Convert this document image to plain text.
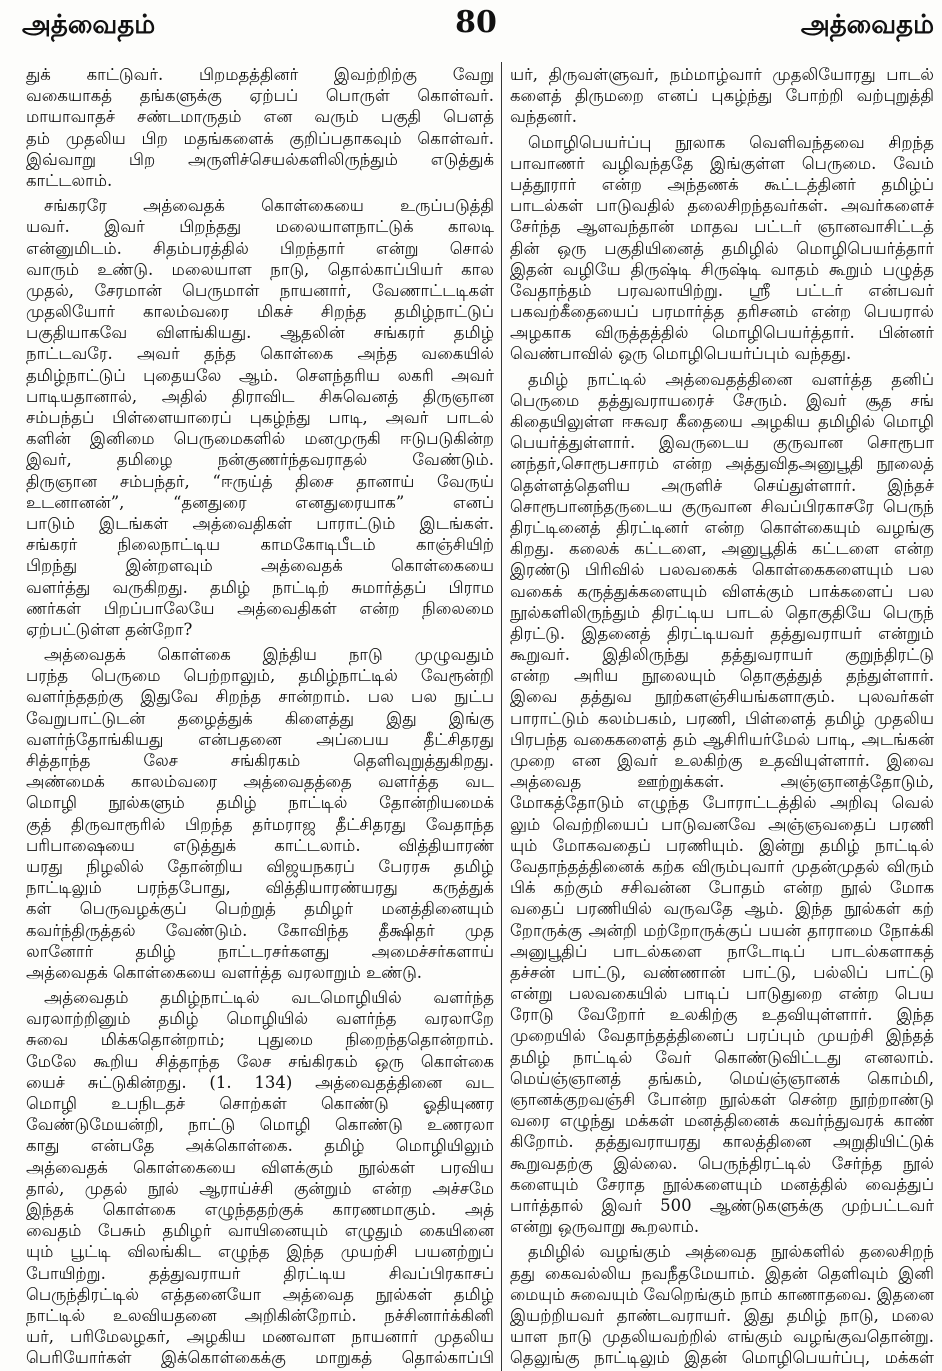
அத்வைதம்	80	அத்வைதம்
துக் காட்டுவர். பிறமதத்தினர் இவற்றிற்கு வேறு
வகையாகத் தங்களுக்கு ஏற்பப் பொருள் கொள்வர்.
மாயாவாதச் சண்டமாருதம் என வரும் பகுதி பௌத்
தம் முதலிய பிற மதங்களைக் குறிப்பதாகவும் கொள்வர்.
இவ்வாறு பிற அருளிச்செயல்களிலிருந்தும் எடுத்துக்
காட்டலாம்.
சங்கரரே அத்வைதக் கொள்கையை உருப்படுத்தி
யவர். இவர் பிறந்தது மலையாளநாட்டுக் காலடி
என்னுமிடம். சிதம்பரத்தில் பிறந்தார் என்று சொல்
வாரும் உண்டு. மலையாள நாடு, தொல்காப்பியர் கால
முதல், சேரமான் பெருமாள் நாயனார், வேணாட்டடிகள்
முதலியோர் காலம்வரை மிகச் சிறந்த தமிழ்நாட்டுப்
பகுதியாகவே விளங்கியது. ஆதலின் சங்கரர் தமிழ்
நாட்டவரே. அவர் தந்த கொள்கை அந்த வகையில்
தமிழ்நாட்டுப் புதையலே ஆம். சௌந்தரிய லகரி அவர்
பாடியதானால், அதில் திராவிட சிசுவெனத் திருஞான
சம்பந்தப் பிள்ளையாரைப் புகழ்ந்து பாடி, அவர் பாடல்
களின் இனிமை பெருமைகளில் மனமுருகி ஈடுபடுகின்ற
இவர், தமிழை நன்குணர்ந்தவராதல் வேண்டும்.
திருஞான சம்பந்தர், “ஈருய்த் திசை தானாய் வேருய்
உடனானன்”, “தனதுரை எனதுரையாக” எனப்
பாடும் இடங்கள் அத்வைதிகள் பாராட்டும் இடங்கள்.
சங்கரர் நிலைநாட்டிய காமகோடிபீடம் காஞ்சியிற்
பிறந்து இன்றளவும் அத்வைதக் கொள்கையை
வளர்த்து வருகிறது. தமிழ் நாட்டிற் சுமார்த்தப் பிராம
ணர்கள் பிறப்பாலேயே அத்வைதிகள் என்ற நிலைமை
ஏற்பட்டுள்ள தன்றோ?
அத்வைதக் கொள்கை இந்திய நாடு முழுவதும்
பரந்த பெருமை பெற்றாலும், தமிழ்நாட்டில் வேரூன்றி
வளர்ந்ததற்கு இதுவே சிறந்த சான்றாம். பல பல நுட்ப
வேறுபாட்டுடன் தழைத்துக் கிளைத்து இது இங்கு
வளர்ந்தோங்கியது என்பதனை அப்பைய தீட்சிதரது
சித்தாந்த லேச சங்கிரகம் தெளிவுறுத்துகிறது.
அண்மைக் காலம்வரை அத்வைதத்தை வளர்த்த வட
மொழி நூல்களும் தமிழ் நாட்டில் தோன்றியமைக்
குத் திருவாரூரில் பிறந்த தர்மராஜ தீட்சிதரது வேதாந்த
பரிபாஷையை எடுத்துக் காட்டலாம். வித்தியாரண்
யரது நிழலில் தோன்றிய விஜயநகரப் பேரரசு தமிழ்
நாட்டிலும் பரந்தபோது, வித்தியாரண்யரது கருத்துக்
கள் பெருவழக்குப் பெற்றுத் தமிழர் மனத்தினையும்
கவர்ந்திருத்தல் வேண்டும். கோவிந்த தீக்ஷிதர் முத
லானோர் தமிழ் நாட்டரசர்களது அமைச்சர்களாய்
அத்வைதக் கொள்கையை வளர்த்த வரலாறும் உண்டு.
அத்வைதம் தமிழ்நாட்டில் வடமொழியில் வளர்ந்த
வரலாற்றினும் தமிழ் மொழியில் வளர்ந்த வரலாறே
சுவை மிக்கதொன்றாம்; புதுமை நிறைந்ததொன்றாம்.
மேலே கூறிய சித்தாந்த லேச சங்கிரகம் ஒரு கொள்கை
யைச் சுட்டுகின்றது. (1. 134) அத்வைதத்தினை வட
மொழி உபநிடதச் சொற்கள் கொண்டு ஓதியுணர
வேண்டுமேயன்றி, நாட்டு மொழி கொண்டு உணரலா
காது என்பதே அக்கொள்கை. தமிழ் மொழியிலும்
அத்வைதக் கொள்கையை விளக்கும் நூல்கள் பரவிய
தால், முதல் நூல் ஆராய்ச்சி குன்றும் என்ற அச்சமே
இந்தக் கொள்கை எழுந்ததற்குக் காரணமாகும். அத்
வைதம் பேசும் தமிழர் வாயினையும் எழுதும் கையினை
யும் பூட்டி விலங்கிட எழுந்த இந்த முயற்சி பயனற்றுப்
போயிற்று. தத்துவராயர் திரட்டிய சிவப்பிரகாசப்
பெருந்திரட்டில் எத்தனையோ அத்வைத நூல்கள் தமிழ்
நாட்டில் உலவியதனை அறிகின்றோம். நச்சினார்க்கினி
யர், பரிமேலழகர், அழகிய மணவாள நாயனார் முதலிய
பெரியோர்கள் இக்கொள்கைக்கு மாறுகத் தொல்காப்பி
யர், திருவள்ளுவர், நம்மாழ்வார் முதலியோரது பாடல்
களைத் திருமறை எனப் புகழ்ந்து போற்றி வற்புறுத்தி
வந்தனர்.
மொழிபெயர்ப்பு நூலாக வெளிவந்தவை சிறந்த
பாவாணர் வழிவந்ததே இங்குள்ள பெருமை. வேம்
பத்தூரார் என்ற அந்தணக் கூட்டத்தினர் தமிழ்ப்
பாடல்கள் பாடுவதில் தலைசிறந்தவர்கள். அவர்களைச்
சேர்ந்த ஆளவந்தான் மாதவ பட்டர் ஞானவாசிட்டத்
தின் ஒரு பகுதியினைத் தமிழில் மொழிபெயர்த்தார்
இதன் வழியே திருஷ்டி சிருஷ்டி வாதம் கூறும் பழுத்த
வேதாந்தம் பரவலாயிற்று. ஸ்ரீ பட்டர் என்பவர்
பகவற்கீதையைப் பரமார்த்த தரிசனம் என்ற பெயரால்
அழகாக விருத்தத்தில் மொழிபெயர்த்தார். பின்னர்
வெண்பாவில் ஒரு மொழிபெயர்ப்பும் வந்தது.
தமிழ் நாட்டில் அத்வைதத்தினை வளர்த்த தனிப்
பெருமை தத்துவராயரைச் சேரும். இவர் சூத சங்
கிதையிலுள்ள ஈசுவர கீதையை அழகிய தமிழில் மொழி
பெயர்த்துள்ளார். இவருடைய குருவான சொரூபா
னந்தர்,சொரூபசாரம் என்ற அத்துவிதஅனுபூதி நூலைத்
தெள்ளத்தெளிய அருளிச் செய்துள்ளார். இந்தச்
சொரூபானந்தருடைய குருவான சிவப்பிரகாசரே பெருந்
திரட்டினைத் திரட்டினர் என்ற கொள்கையும் வழங்கு
கிறது. கலைக் கட்டளை, அனுபூதிக் கட்டளை என்ற
இரண்டு பிரிவில் பலவகைக் கொள்கைகளையும் பல
வகைக் கருத்துக்களையும் விளக்கும் பாக்களைப் பல
நூல்களிலிருந்தும் திரட்டிய பாடல் தொகுதியே பெருந்
திரட்டு. இதனைத் திரட்டியவர் தத்துவராயர் என்றும்
கூறுவர். இதிலிருந்து தத்துவராயர் குறுந்திரட்டு
என்ற அரிய நூலையும் தொகுத்துத் தந்துள்ளார்.
இவை தத்துவ நூற்களஞ்சியங்களாகும். புலவர்கள்
பாராட்டும் கலம்பகம், பரணி, பிள்ளைத் தமிழ் முதலிய
பிரபந்த வகைகளைத் தம் ஆசிரியர்மேல் பாடி, அடங்கன்
முறை என இவர் உலகிற்கு உதவியுள்ளார். இவை
அத்வைத ஊற்றுக்கள். அஞ்ஞானத்தோடும்,
மோகத்தோடும் எழுந்த போராட்டத்தில் அறிவு வெல்
லும் வெற்றியைப் பாடுவனவே அஞ்ஞவதைப் பரணி
யும் மோகவதைப் பரணியும். இன்று தமிழ் நாட்டில்
வேதாந்தத்தினைக் கற்க விரும்புவார் முதன்முதல் விரும்
பிக் கற்கும் சசிவன்ன போதம் என்ற நூல் மோக
வதைப் பரணியில் வருவதே ஆம். இந்த நூல்கள் கற்
றோருக்கு அன்றி மற்றோருக்குப் பயன் தாராமை நோக்கி
அனுபூதிப் பாடல்களை நாடோடிப் பாடல்களாகத்
தச்சன் பாட்டு, வண்ணான் பாட்டு, பல்லிப் பாட்டு
என்று பலவகையில் பாடிப் பாடுதுறை என்ற பெய
ரோடு வேறோர் உலகிற்கு உதவியுள்ளார். இந்த
முறையில் வேதாந்தத்தினைப் பரப்பும் முயற்சி இந்தத்
தமிழ் நாட்டில் வேர் கொண்டுவிட்டது எனலாம்.
மெய்ஞ்ஞானத் தங்கம், மெய்ஞ்ஞானக் கொம்மி,
ஞானக்குறவஞ்சி போன்ற நூல்கள் சென்ற நூற்றாண்டு
வரை எழுந்து மக்கள் மனத்தினைக் கவர்ந்துவரக் காண்
கிறோம். தத்துவராயரது காலத்தினை அறுதியிட்டுக்
கூறுவதற்கு இல்லை. பெருந்திரட்டில் சேர்ந்த நூல்
களையும் சேராத நூல்களையும் மனத்தில் வைத்துப்
பார்த்தால் இவர் 500 ஆண்டுகளுக்கு முற்பட்டவர்
என்று ஒருவாறு கூறலாம்.
தமிழில் வழங்கும் அத்வைத நூல்களில் தலைசிறந்
தது கைவல்லிய நவநீதமேயாம். இதன் தெளிவும் இனி
மையும் சுவையும் வேறெங்கும் நாம் காணாதவை. இதனை
இயற்றியவர் தாண்டவராயர். இது தமிழ் நாடு, மலை
யாள நாடு முதலியவற்றில் எங்கும் வழங்குவதொன்று.
தெலுங்கு நாட்டிலும் இதன் மொழிபெயர்ப்பு, மக்கள்
